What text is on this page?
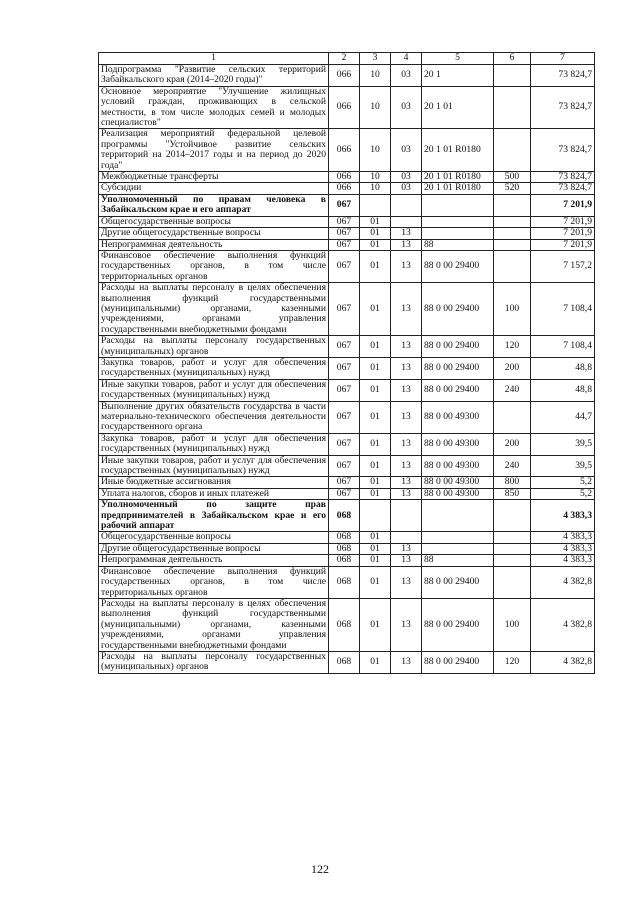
1	2	3	4	5	6	7
Подпрограмма "Развитие сельских территорий Забайкальского края (2014–2020 годы)"	066	10	03	20 1		73 824,7
Основное мероприятие "Улучшение жилищных условий граждан, проживающих в сельской местности, в том числе молодых семей и молодых специалистов"	066	10	03	20 1 01		73 824,7
Реализация мероприятий федеральной целевой программы "Устойчивое развитие сельских территорий на 2014–2017 годы и на период до 2020 года"	066	10	03	20 1 01 R0180		73 824,7
Межбюджетные трансферты	066	10	03	20 1 01 R0180	500	73 824,7
Субсидии	066	10	03	20 1 01 R0180	520	73 824,7
Уполномоченный по правам человека в Забайкальском крае и его аппарат	067					7 201,9
Общегосударственные вопросы	067	01				7 201,9
Другие общегосударственные вопросы	067	01	13			7 201,9
Непрограммная деятельность	067	01	13	88		7 201,9
Финансовое обеспечение выполнения функций государственных органов, в том числе территориальных органов	067	01	13	88 0 00 29400		7 157,2
Расходы на выплаты персоналу в целях обеспечения выполнения функций государственными (муниципальными) органами, казенными учреждениями, органами управления государственными внебюджетными фондами	067	01	13	88 0 00 29400	100	7 108,4
Расходы на выплаты персоналу государственных (муниципальных) органов	067	01	13	88 0 00 29400	120	7 108,4
Закупка товаров, работ и услуг для обеспечения государственных (муниципальных) нужд	067	01	13	88 0 00 29400	200	48,8
Иные закупки товаров, работ и услуг для обеспечения государственных (муниципальных) нужд	067	01	13	88 0 00 29400	240	48,8
Выполнение других обязательств государства в части материально-технического обеспечения деятельности государственного органа	067	01	13	88 0 00 49300		44,7
Закупка товаров, работ и услуг для обеспечения государственных (муниципальных) нужд	067	01	13	88 0 00 49300	200	39,5
Иные закупки товаров, работ и услуг для обеспечения государственных (муниципальных) нужд	067	01	13	88 0 00 49300	240	39,5
Иные бюджетные ассигнования	067	01	13	88 0 00 49300	800	5,2
Уплата налогов, сборов и иных платежей	067	01	13	88 0 00 49300	850	5,2
Уполномоченный по защите прав предпринимателей в Забайкальском крае и его рабочий аппарат	068					4 383,3
Общегосударственные вопросы	068	01				4 383,3
Другие общегосударственные вопросы	068	01	13			4 383,3
Непрограммная деятельность	068	01	13	88		4 383,3
Финансовое обеспечение выполнения функций государственных органов, в том числе территориальных органов	068	01	13	88 0 00 29400		4 382,8
Расходы на выплаты персоналу в целях обеспечения выполнения функций государственными (муниципальными) органами, казенными учреждениями, органами управления государственными внебюджетными фондами	068	01	13	88 0 00 29400	100	4 382,8
Расходы на выплаты персоналу государственных (муниципальных) органов	068	01	13	88 0 00 29400	120	4 382,8
122
